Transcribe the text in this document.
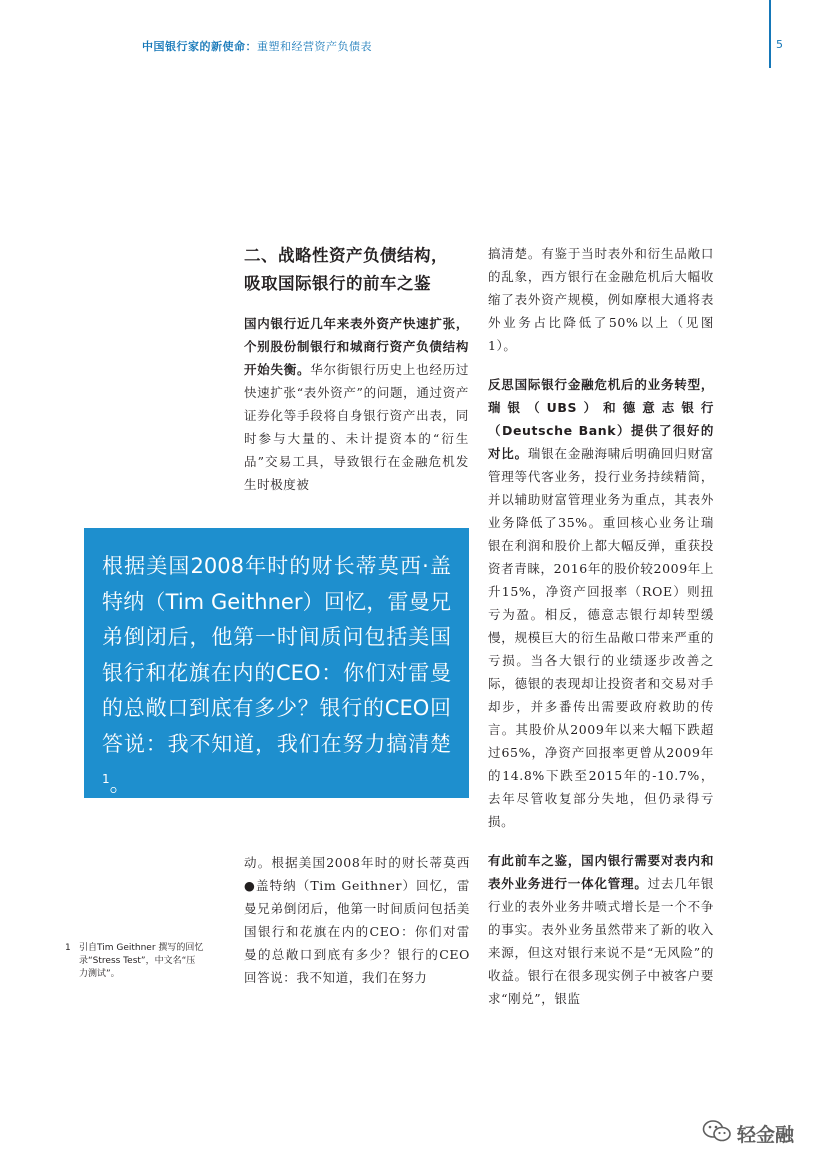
中国银行家的新使命：重塑和经营资产负债表	5
二、战略性资产负债结构，
吸取国际银行的前车之鉴

国内银行近几年来表外资产快速扩张，个别股份制银行和城商行资产负债结构开始失衡。华尔街银行历史上也经历过快速扩张“表外资产”的问题，通过资产证券化等手段将自身银行资产出表，同时参与大量的、未计提资本的“衍生品”交易工具，导致银行在金融危机发生时极度被

根据美国2008年时的财长蒂莫西·盖特纳（Tim Geithner）回忆，雷曼兄弟倒闭后，他第一时间质问包括美国银行和花旗在内的CEO：你们对雷曼的总敞口到底有多少？银行的CEO回答说：我不知道，我们在努力搞清楚$^1$。

动。根据美国2008年时的财长蒂莫西●盖特纳（Tim Geithner）回忆，雷曼兄弟倒闭后，他第一时间质问包括美国银行和花旗在内的CEO：你们对雷曼的总敞口到底有多少？银行的CEO回答说：我不知道，我们在努力

搞清楚。有鉴于当时表外和衍生品敞口的乱象，西方银行在金融危机后大幅收缩了表外资产规模，例如摩根大通将表外业务占比降低了50%以上（见图1）。

反思国际银行金融危机后的业务转型，瑞银（UBS）和德意志银行（Deutsche Bank）提供了很好的对比。瑞银在金融海啸后明确回归财富管理等代客业务，投行业务持续精简，并以辅助财富管理业务为重点，其表外业务降低了35%。重回核心业务让瑞银在利润和股价上都大幅反弹，重获投资者青睐，2016年的股价较2009年上升15%，净资产回报率（ROE）则扭亏为盈。相反，德意志银行却转型缓慢，规模巨大的衍生品敞口带来严重的亏损。当各大银行的业绩逐步改善之际，德银的表现却让投资者和交易对手却步，并多番传出需要政府救助的传言。其股价从2009年以来大幅下跌超过65%，净资产回报率更曾从2009年的14.8%下跌至2015年的-10.7%，去年尽管收复部分失地，但仍录得亏损。

有此前车之鉴，国内银行需要对表内和表外业务进行一体化管理。过去几年银行业的表外业务井喷式增长是一个不争的事实。表外业务虽然带来了新的收入来源，但这对银行来说不是“无风险”的收益。银行在很多现实例子中被客户要求“刚兑”，银监

1 引自Tim Geithner 撰写的回忆录“Stress Test”，中文名“压力测试”。
轻金融
